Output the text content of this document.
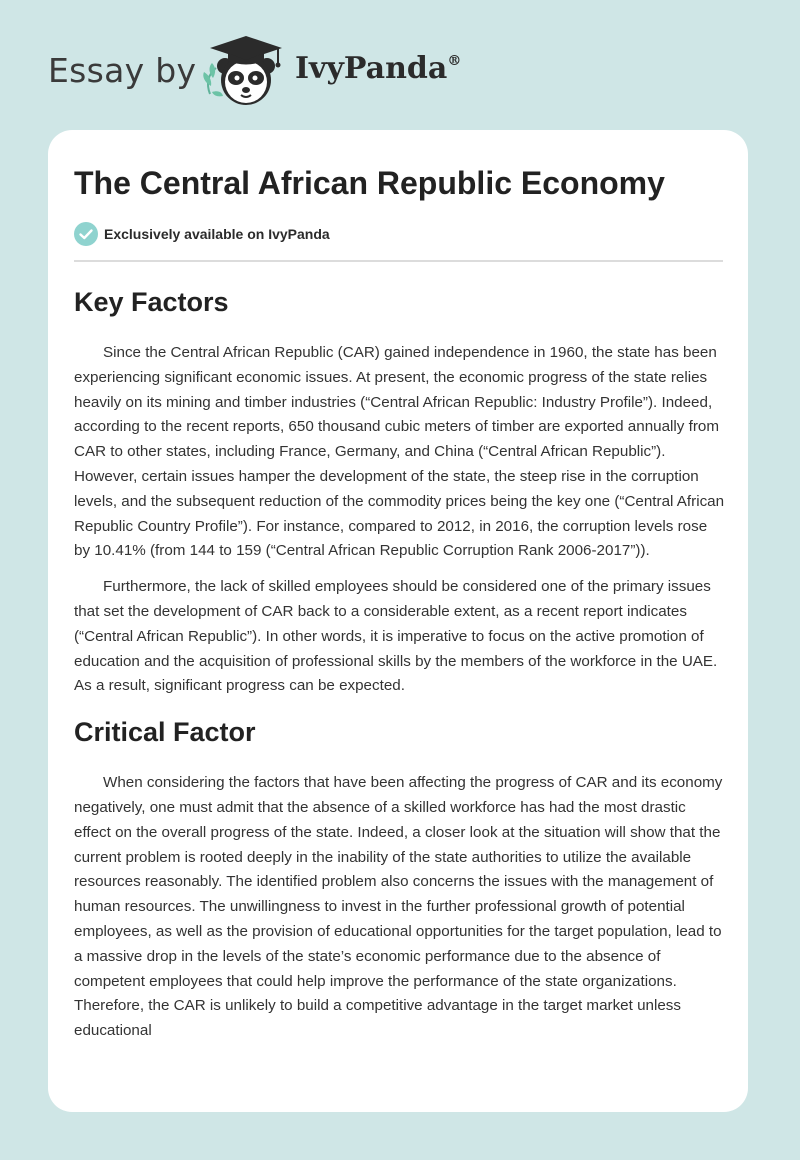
Essay by	IvyPanda®
The Central African Republic Economy
Exclusively available on IvyPanda
Key Factors

Since the Central African Republic (CAR) gained independence in 1960, the state has been experiencing significant economic issues. At present, the economic progress of the state relies heavily on its mining and timber industries (“Central African Republic: Industry Profile”). Indeed, according to the recent reports, 650 thousand cubic meters of timber are exported annually from CAR to other states, including France, Germany, and China (“Central African Republic”). However, certain issues hamper the development of the state, the steep rise in the corruption levels, and the subsequent reduction of the commodity prices being the key one (“Central African Republic Country Profile”). For instance, compared to 2012, in 2016, the corruption levels rose by 10.41% (from 144 to 159 (“Central African Republic Corruption Rank 2006-2017”)).

Furthermore, the lack of skilled employees should be considered one of the primary issues that set the development of CAR back to a considerable extent, as a recent report indicates (“Central African Republic”). In other words, it is imperative to focus on the active promotion of education and the acquisition of professional skills by the members of the workforce in the UAE. As a result, significant progress can be expected.

Critical Factor

When considering the factors that have been affecting the progress of CAR and its economy negatively, one must admit that the absence of a skilled workforce has had the most drastic effect on the overall progress of the state. Indeed, a closer look at the situation will show that the current problem is rooted deeply in the inability of the state authorities to utilize the available resources reasonably. The identified problem also concerns the issues with the management of human resources. The unwillingness to invest in the further professional growth of potential employees, as well as the provision of educational opportunities for the target population, lead to a massive drop in the levels of the state’s economic performance due to the absence of competent employees that could help improve the performance of the state organizations. Therefore, the CAR is unlikely to build a competitive advantage in the target market unless educational
